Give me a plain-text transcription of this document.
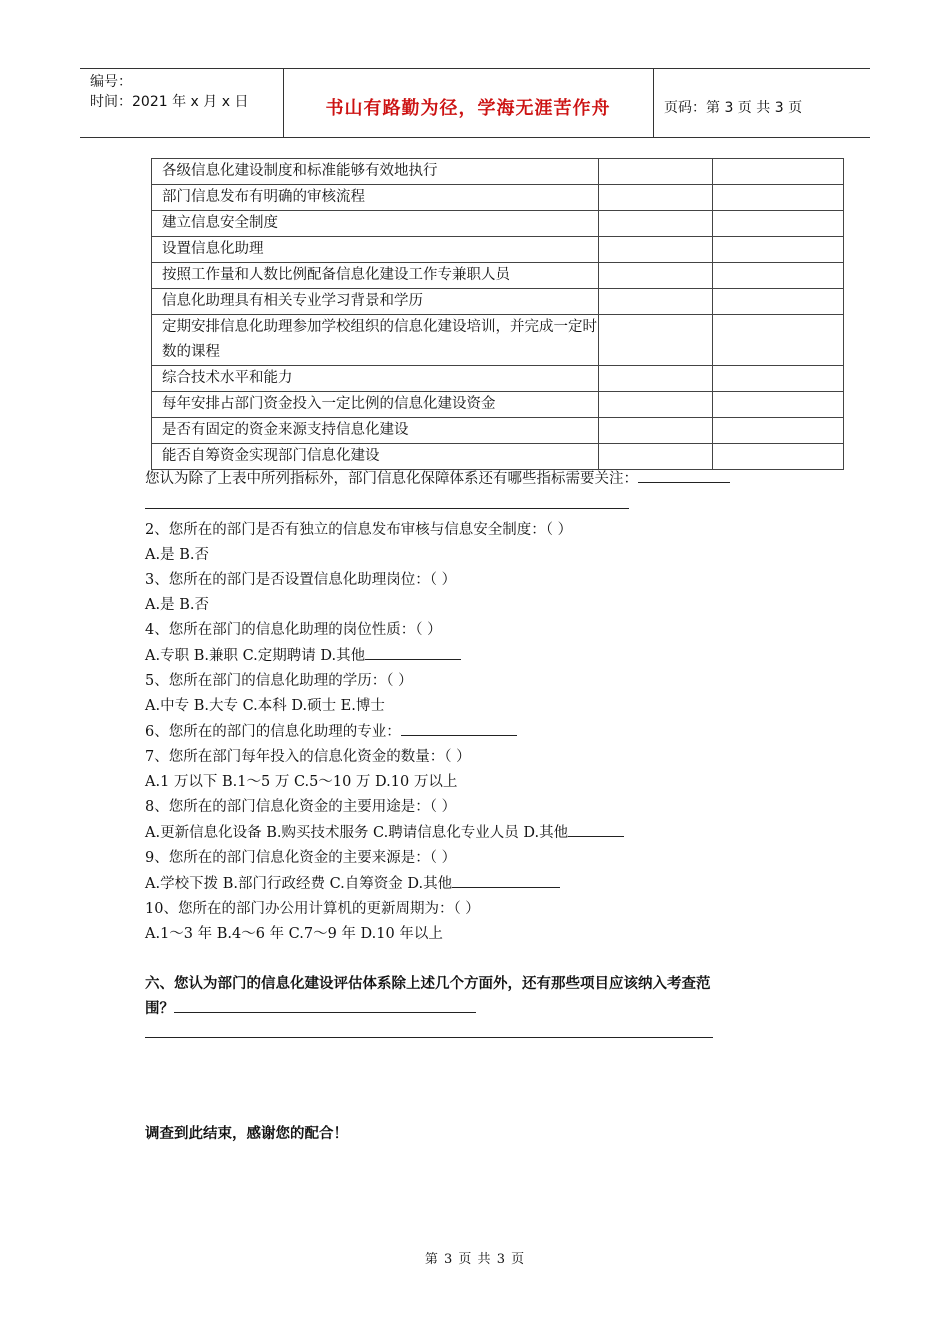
编号：
时间：2021 年 x 月 x 日	书山有路勤为径，学海无涯苦作舟	页码：第 3 页 共 3 页
各级信息化建设制度和标准能够有效地执行		
部门信息发布有明确的审核流程		
建立信息安全制度		
设置信息化助理		
按照工作量和人数比例配备信息化建设工作专兼职人员		
信息化助理具有相关专业学习背景和学历		
定期安排信息化助理参加学校组织的信息化建设培训，并完成一定时数的课程		
综合技术水平和能力		
每年安排占部门资金投入一定比例的信息化建设资金		
是否有固定的资金来源支持信息化建设		
能否自筹资金实现部门信息化建设		
您认为除了上表中所列指标外，部门信息化保障体系还有哪些指标需要关注：
2、您所在的部门是否有独立的信息发布审核与信息安全制度：（ ）
A.是 B.否
3、您所在的部门是否设置信息化助理岗位：（ ）
A.是 B.否
4、您所在部门的信息化助理的岗位性质：（ ）
A.专职 B.兼职 C.定期聘请 D.其他
5、您所在部门的信息化助理的学历：（ ）
A.中专 B.大专 C.本科 D.硕士 E.博士
6、您所在的部门的信息化助理的专业：
7、您所在部门每年投入的信息化资金的数量：（ ）
A.1 万以下 B.1～5 万 C.5～10 万 D.10 万以上
8、您所在的部门信息化资金的主要用途是：（ ）
A.更新信息化设备 B.购买技术服务 C.聘请信息化专业人员 D.其他
9、您所在的部门信息化资金的主要来源是：（ ）
A.学校下拨 B.部门行政经费 C.自筹资金 D.其他
10、您所在的部门办公用计算机的更新周期为：（ ）
A.1～3 年 B.4～6 年 C.7～9 年 D.10 年以上
六、您认为部门的信息化建设评估体系除上述几个方面外，还有那些项目应该纳入考查范
围？
调查到此结束，感谢您的配合！
第 3 页 共 3 页
